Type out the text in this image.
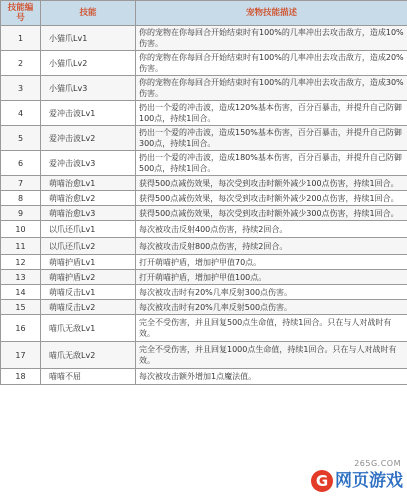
技能编号	技能	宠物技能描述
1	小猫爪Lv1	你的宠物在你每回合开始结束时有100%的几率冲出去攻击敌方，造成10%伤害。
2	小猫爪Lv2	你的宠物在你每回合开始结束时有100%的几率冲出去攻击敌方，造成20%伤害。
3	小猫爪Lv3	你的宠物在你每回合开始结束时有100%的几率冲出去攻击敌方，造成30%伤害。
4	爱冲击波Lv1	扔出一个爱的冲击波，造成120%基本伤害，百分百暴击，并提升自己防御100点，持续1回合。
5	爱冲击波Lv2	扔出一个爱的冲击波，造成150%基本伤害，百分百暴击，并提升自己防御300点，持续1回合。
6	爱冲击波Lv3	扔出一个爱的冲击波，造成180%基本伤害，百分百暴击，并提升自己防御500点，持续1回合。
7	萌喵治愈Lv1	获得500点减伤效果，每次受到攻击时额外减少100点伤害，持续1回合。
8	萌喵治愈Lv2	获得500点减伤效果，每次受到攻击时额外减少200点伤害，持续1回合。
9	萌喵治愈Lv3	获得500点减伤效果，每次受到攻击时额外减少300点伤害，持续1回合。
10	以爪还爪Lv1	每次被攻击反射400点伤害，持续2回合。
11	以爪还爪Lv2	每次被攻击反射800点伤害，持续2回合。
12	萌喵护盾Lv1	打开萌喵护盾，增加护甲值70点。
13	萌喵护盾Lv2	打开萌喵护盾，增加护甲值100点。
14	萌喵反击Lv1	每次被攻击时有20%几率反射300点伤害。
15	萌喵反击Lv2	每次被攻击时有20%几率反射500点伤害。
16	喵爪无敌Lv1	完全不受伤害，并且回复500点生命值，持续1回合。只在与人对战时有效。
17	喵爪无敌Lv2	完全不受伤害，并且回复1000点生命值，持续1回合。只在与人对战时有效。
18	喵喵不屈	每次被攻击额外增加1点魔法值。
265G.COM
G 网页游戏
